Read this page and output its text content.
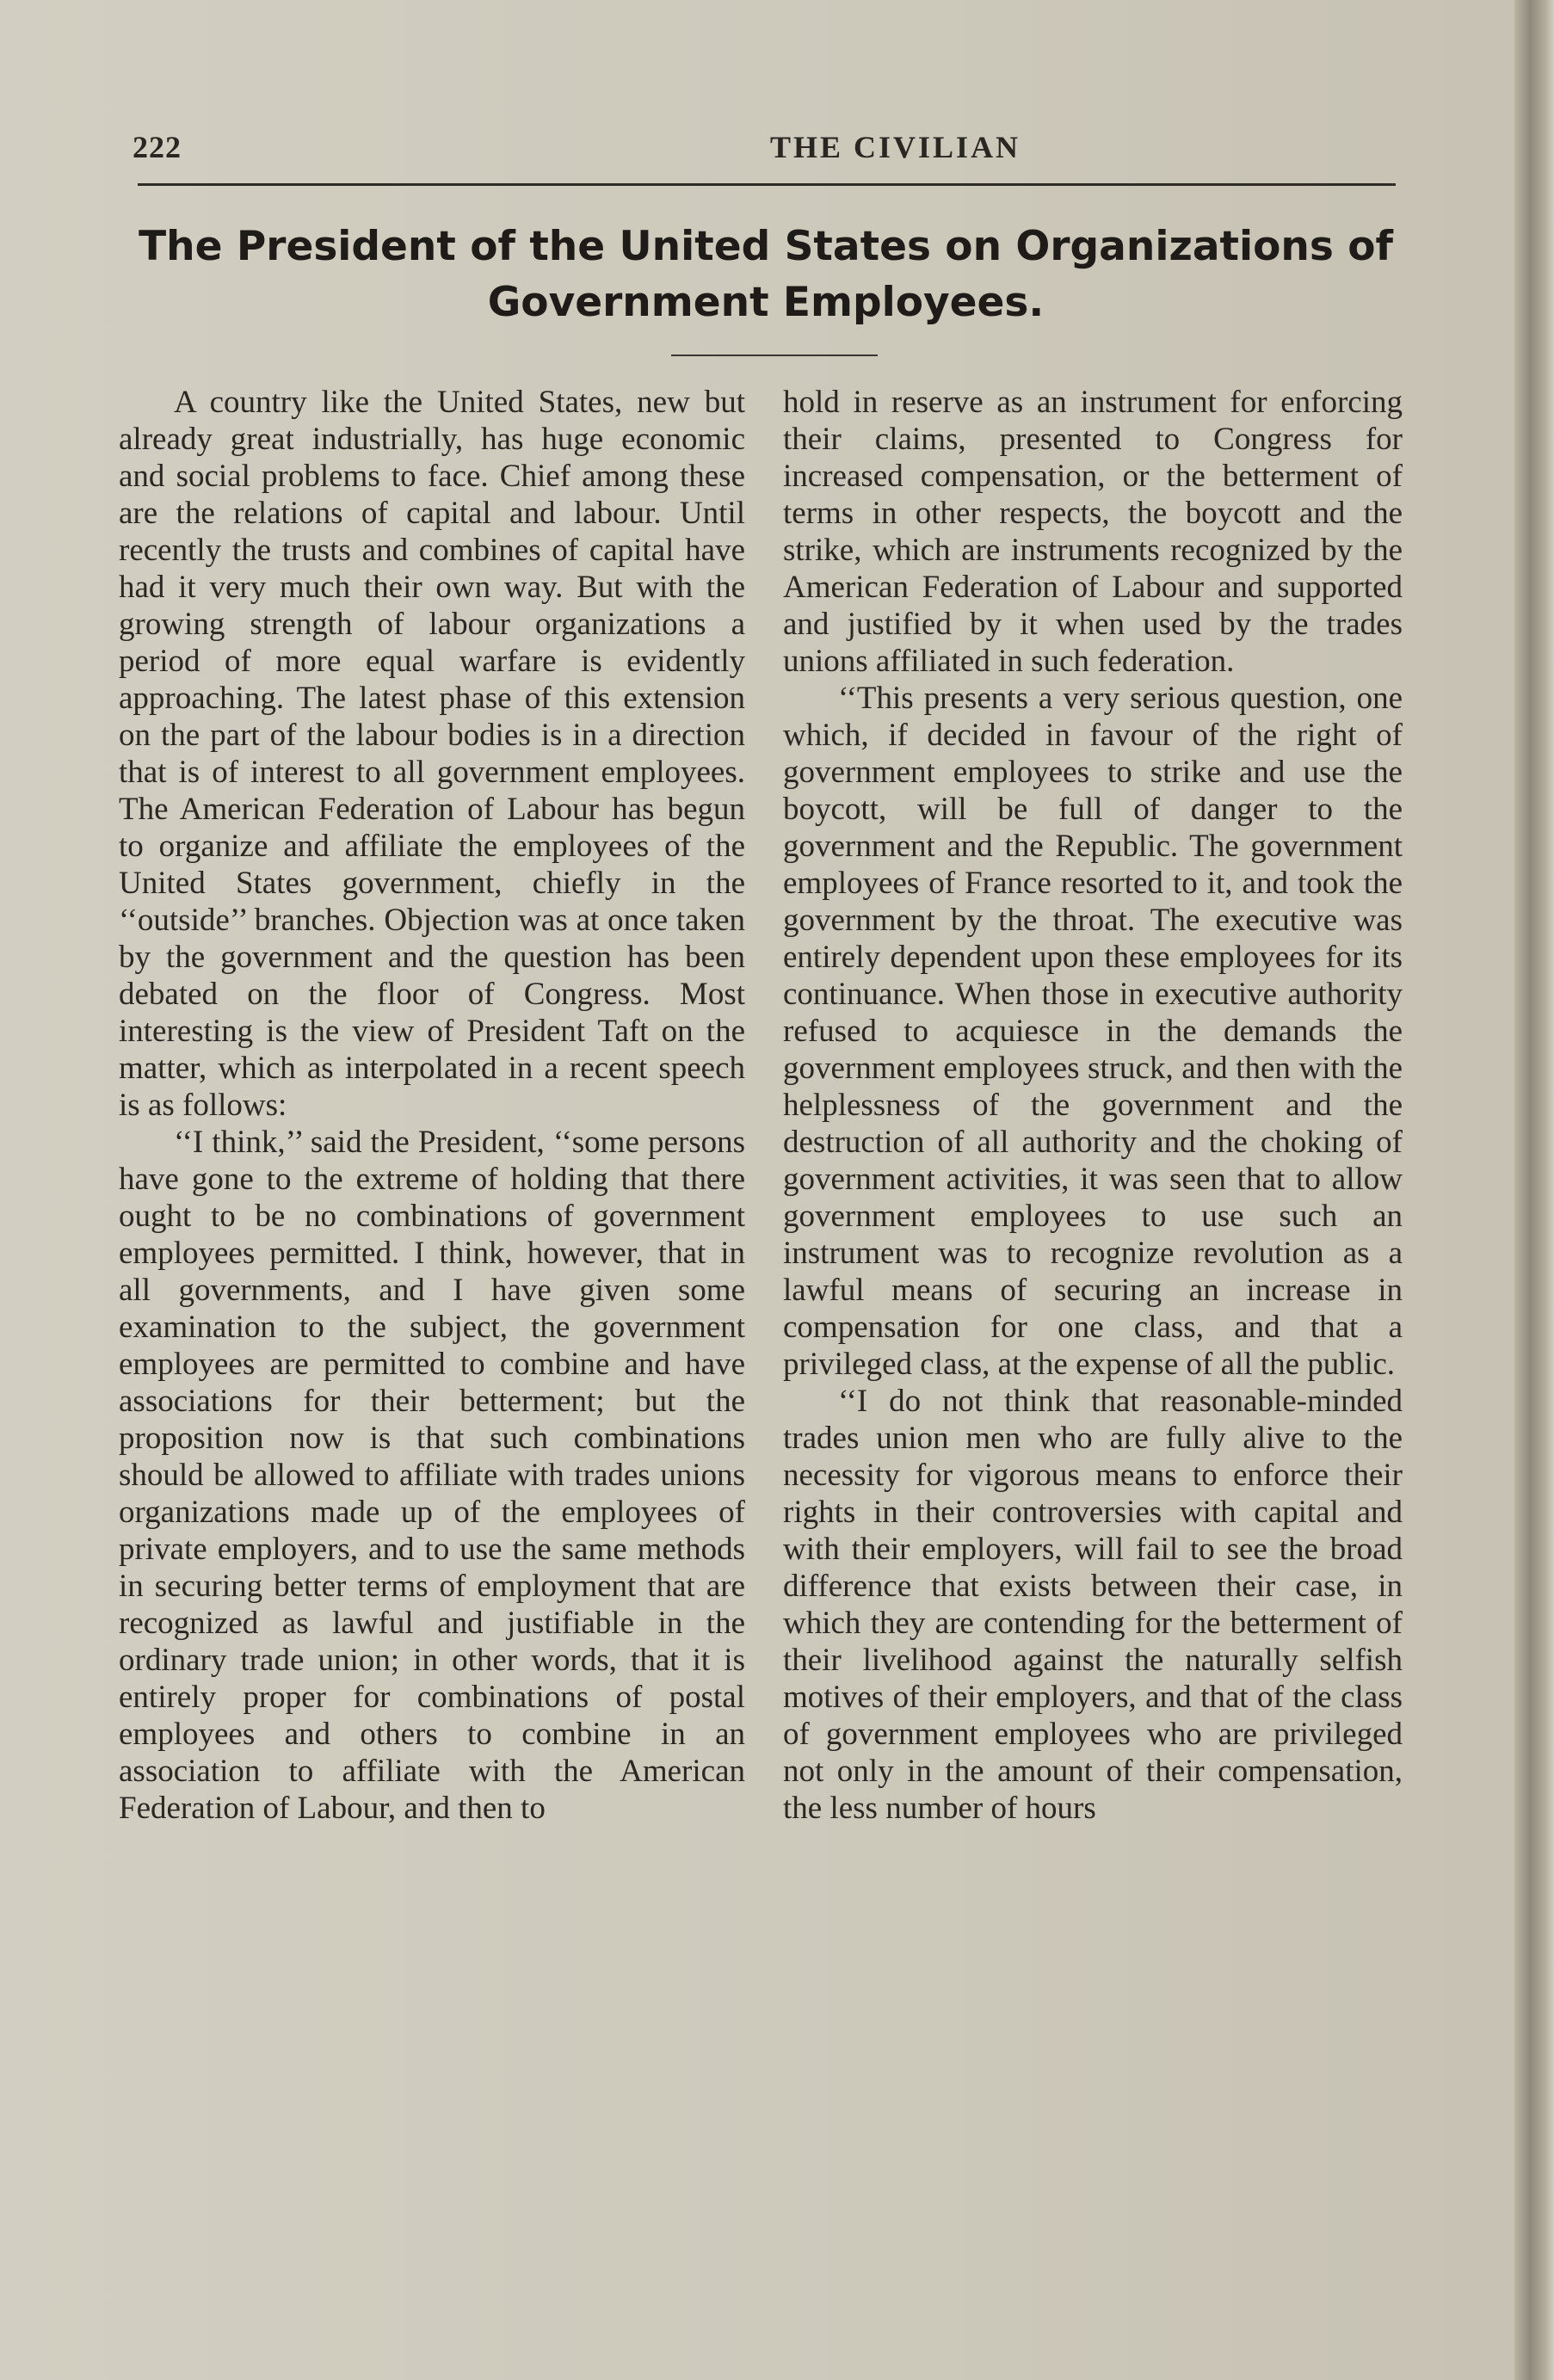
222	THE CIVILIAN
The President of the United States on Organizations of Government Employees.

A country like the United States, new but already great industrially, has huge economic and social problems to face. Chief among these are the relations of capital and labour. Until recently the trusts and combines of capital have had it very much their own way. But with the growing strength of labour organizations a period of more equal warfare is evidently approaching. The latest phase of this extension on the part of the labour bodies is in a direction that is of interest to all government employees. The American Federation of Labour has begun to organize and affiliate the employees of the United States government, chiefly in the ‘‘outside’’ branches. Objection was at once taken by the government and the question has been debated on the floor of Congress. Most interesting is the view of President Taft on the matter, which as interpolated in a recent speech is as follows:

‘‘I think,’’ said the President, ‘‘some persons have gone to the extreme of holding that there ought to be no combinations of government employees permitted. I think, however, that in all governments, and I have given some examination to the subject, the government employees are permitted to combine and have associations for their betterment; but the proposition now is that such combinations should be allowed to affiliate with trades unions organizations made up of the employees of private employers, and to use the same methods in securing better terms of employment that are recognized as lawful and justifiable in the ordinary trade union; in other words, that it is entirely proper for combinations of postal employees and others to combine in an association to affiliate with the American Federation of Labour, and then to

hold in reserve as an instrument for enforcing their claims, presented to Congress for increased compensation, or the betterment of terms in other respects, the boycott and the strike, which are instruments recognized by the American Federation of Labour and supported and justified by it when used by the trades unions affiliated in such federation.

‘‘This presents a very serious question, one which, if decided in favour of the right of government employees to strike and use the boycott, will be full of danger to the government and the Republic. The government employees of France resorted to it, and took the government by the throat. The executive was entirely dependent upon these employees for its continuance. When those in executive authority refused to acquiesce in the demands the government employees struck, and then with the helplessness of the government and the destruction of all authority and the choking of government activities, it was seen that to allow government employees to use such an instrument was to recognize revolution as a lawful means of securing an increase in compensation for one class, and that a privileged class, at the expense of all the public.

‘‘I do not think that reasonable-minded trades union men who are fully alive to the necessity for vigorous means to enforce their rights in their controversies with capital and with their employers, will fail to see the broad difference that exists between their case, in which they are contending for the betterment of their livelihood against the naturally selfish motives of their employers, and that of the class of government employees who are privileged not only in the amount of their compensation, the less number of hours
